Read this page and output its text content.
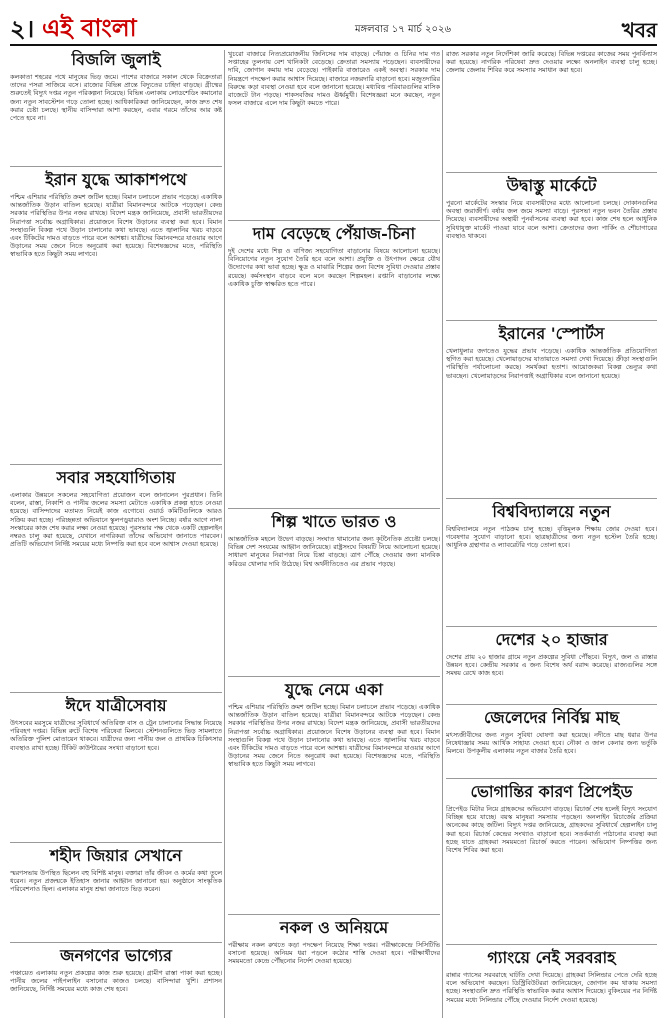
২। এই বাংলা	মঙ্গলবার ১৭ মার্চ ২০২৬	খবর
বিজলি জুলাই
কলকাতা শহরের পথে মানুষের ভিড় জমে। পাশের বাজারে সকাল থেকে বিক্রেতারা তাদের পসরা সাজিয়ে বসে। রাজ্যের বিভিন্ন প্রান্তে বিদ্যুতের চাহিদা বাড়ছে। গ্রীষ্মের শুরুতেই বিদ্যুৎ দপ্তর নতুন পরিকল্পনা নিয়েছে। বিভিন্ন এলাকায় লোডশেডিং কমানোর জন্য নতুন সাবস্টেশন গড়ে তোলা হচ্ছে। আধিকারিকরা জানিয়েছেন, কাজ দ্রুত শেষ করার চেষ্টা চলছে। স্থানীয় বাসিন্দারা আশা করছেন, এবার গরমে তাঁদের আর কষ্ট পেতে হবে না।
ইরান যুদ্ধে আকাশপথে
পশ্চিম এশিয়ার পরিস্থিতি ক্রমশ জটিল হচ্ছে। বিমান চলাচলে প্রভাব পড়েছে। একাধিক আন্তর্জাতিক উড়ান বাতিল হয়েছে। যাত্রীরা বিমানবন্দরে আটকে পড়েছেন। কেন্দ্র সরকার পরিস্থিতির উপর নজর রাখছে। বিদেশ মন্ত্রক জানিয়েছে, প্রবাসী ভারতীয়দের নিরাপত্তা সর্বোচ্চ অগ্রাধিকার। প্রয়োজনে বিশেষ উড়ানের ব্যবস্থা করা হবে। বিমান সংস্থাগুলি বিকল্প পথে উড়ান চালানোর কথা ভাবছে। এতে জ্বালানির খরচ বাড়বে এবং টিকিটের দামও বাড়তে পারে বলে আশঙ্কা। যাত্রীদের বিমানবন্দরে যাওয়ার আগে উড়ানের সময় জেনে নিতে অনুরোধ করা হয়েছে। বিশেষজ্ঞদের মতে, পরিস্থিতি স্বাভাবিক হতে কিছুটা সময় লাগবে।
সবার সহযোগিতায়
এলাকার উন্নয়নে সকলের সহযোগিতা প্রয়োজন বলে জানালেন পুরপ্রধান। তিনি বলেন, রাস্তা, নিকাশি ও পানীয় জলের সমস্যা মেটাতে একাধিক প্রকল্প হাতে নেওয়া হয়েছে। বাসিন্দাদের মতামত নিয়েই কাজ এগোবে। ওয়ার্ড কমিটিগুলিকে আরও সক্রিয় করা হচ্ছে। পরিচ্ছন্নতা অভিযানে স্কুলপড়ুয়ারাও অংশ নিচ্ছে। বর্ষার আগে নালা সংস্কারের কাজ শেষ করার লক্ষ্য নেওয়া হয়েছে। পুরসভার পক্ষ থেকে একটি হেল্পলাইন নম্বরও চালু করা হয়েছে, যেখানে নাগরিকরা তাঁদের অভিযোগ জানাতে পারবেন। প্রতিটি অভিযোগ নির্দিষ্ট সময়ের মধ্যে নিষ্পত্তি করা হবে বলে আশ্বাস দেওয়া হয়েছে।
ঈদে যাত্রীসেবায়
উৎসবের মরসুমে যাত্রীদের সুবিধার্থে অতিরিক্ত বাস ও ট্রেন চালানোর সিদ্ধান্ত নিয়েছে পরিবহণ দপ্তর। বিভিন্ন রুটে বিশেষ পরিষেবা মিলবে। স্টেশনগুলিতে ভিড় সামলাতে অতিরিক্ত পুলিশ মোতায়েন থাকবে। যাত্রীদের জন্য পানীয় জল ও প্রাথমিক চিকিৎসার ব্যবস্থাও রাখা হচ্ছে। টিকিট কাউন্টারের সংখ্যা বাড়ানো হবে।
শহীদ জিয়ার সেখানে
স্মরণসভায় উপস্থিত ছিলেন বহু বিশিষ্ট মানুষ। বক্তারা তাঁর জীবন ও কর্মের কথা তুলে ধরেন। নতুন প্রজন্মকে ইতিহাস জানার আহ্বান জানানো হয়। অনুষ্ঠানে সাংস্কৃতিক পরিবেশনাও ছিল। এলাকার মানুষ শ্রদ্ধা জানাতে ভিড় করেন।
জনগণের ভাগ্যের
পঞ্চায়েত এলাকায় নতুন প্রকল্পের কাজ শুরু হয়েছে। গ্রামীণ রাস্তা পাকা করা হচ্ছে। পানীয় জলের পাইপলাইন বসানোর কাজও চলছে। বাসিন্দারা খুশি। প্রশাসন জানিয়েছে, নির্দিষ্ট সময়ের মধ্যে কাজ শেষ হবে।
খুচরো বাজারে নিত্যপ্রয়োজনীয় জিনিসের দাম বাড়ছে। পেঁয়াজ ও চিনির দাম গত সপ্তাহের তুলনায় বেশ খানিকটা বেড়েছে। ক্রেতারা সমস্যায় পড়েছেন। ব্যবসায়ীদের দাবি, জোগান কমায় দাম বেড়েছে। পাইকারি বাজারেও একই অবস্থা। সরকার দাম নিয়ন্ত্রণে পদক্ষেপ করার আশ্বাস দিয়েছে। বাজারে নজরদারি বাড়ানো হবে। মজুতদারির বিরুদ্ধে কড়া ব্যবস্থা নেওয়া হবে বলে জানানো হয়েছে। মধ্যবিত্ত পরিবারগুলির মাসিক বাজেটে টান পড়ছে। শাকসবজির দামও ঊর্ধ্বমুখী। বিশেষজ্ঞরা মনে করছেন, নতুন ফসল বাজারে এলে দাম কিছুটা কমতে পারে।
দাম বেড়েছে পেঁয়াজ-চিনা
দুই দেশের মধ্যে শিল্প ও বাণিজ্য সহযোগিতা বাড়ানোর বিষয়ে আলোচনা হয়েছে। বিনিয়োগের নতুন সুযোগ তৈরি হবে বলে আশা। প্রযুক্তি ও উৎপাদন ক্ষেত্রে যৌথ উদ্যোগের কথা ভাবা হচ্ছে। ক্ষুদ্র ও মাঝারি শিল্পের জন্য বিশেষ সুবিধা দেওয়ার প্রস্তাব রয়েছে। কর্মসংস্থান বাড়বে বলে মনে করছেন শিল্পমহল। রপ্তানি বাড়ানোর লক্ষ্যে একাধিক চুক্তি স্বাক্ষরিত হতে পারে।
শিল্প খাতে ভারত ও
আন্তর্জাতিক মহলে উদ্বেগ বাড়ছে। সংঘাত থামানোর জন্য কূটনৈতিক প্রচেষ্টা চলছে। বিভিন্ন দেশ সংযমের আহ্বান জানিয়েছে। রাষ্ট্রসংঘে বিষয়টি নিয়ে আলোচনা হয়েছে। সাধারণ মানুষের নিরাপত্তা নিয়ে চিন্তা বাড়ছে। ত্রাণ পৌঁছে দেওয়ার জন্য মানবিক করিডর খোলার দাবি উঠেছে। বিশ্ব অর্থনীতিতেও এর প্রভাব পড়ছে।
যুদ্ধে নেমে একা
পশ্চিম এশিয়ার পরিস্থিতি ক্রমশ জটিল হচ্ছে। বিমান চলাচলে প্রভাব পড়েছে। একাধিক আন্তর্জাতিক উড়ান বাতিল হয়েছে। যাত্রীরা বিমানবন্দরে আটকে পড়েছেন। কেন্দ্র সরকার পরিস্থিতির উপর নজর রাখছে। বিদেশ মন্ত্রক জানিয়েছে, প্রবাসী ভারতীয়দের নিরাপত্তা সর্বোচ্চ অগ্রাধিকার। প্রয়োজনে বিশেষ উড়ানের ব্যবস্থা করা হবে। বিমান সংস্থাগুলি বিকল্প পথে উড়ান চালানোর কথা ভাবছে। এতে জ্বালানির খরচ বাড়বে এবং টিকিটের দামও বাড়তে পারে বলে আশঙ্কা। যাত্রীদের বিমানবন্দরে যাওয়ার আগে উড়ানের সময় জেনে নিতে অনুরোধ করা হয়েছে। বিশেষজ্ঞদের মতে, পরিস্থিতি স্বাভাবিক হতে কিছুটা সময় লাগবে।
নকল ও অনিয়মে
পরীক্ষায় নকল রুখতে কড়া পদক্ষেপ নিয়েছে শিক্ষা দপ্তর। পরীক্ষাকেন্দ্রে সিসিটিভি বসানো হয়েছে। অনিয়ম ধরা পড়লে কঠোর শাস্তি দেওয়া হবে। পরীক্ষার্থীদের সময়মতো কেন্দ্রে পৌঁছনোর নির্দেশ দেওয়া হয়েছে।
রাজ্য সরকার নতুন নির্দেশিকা জারি করেছে। বিভিন্ন দপ্তরের কাজের সময় পুনর্বিন্যাস করা হয়েছে। নাগরিক পরিষেবা দ্রুত দেওয়ার লক্ষ্যে অনলাইন ব্যবস্থা চালু হচ্ছে। জেলায় জেলায় শিবির করে সমস্যার সমাধান করা হবে।
উদ্বাস্তু মার্কেটে
পুরনো মার্কেটের সংস্কার নিয়ে ব্যবসায়ীদের মধ্যে আলোচনা চলছে। দোকানগুলির অবস্থা জরাজীর্ণ। বর্ষায় জল জমে সমস্যা বাড়ে। পুরসভা নতুন ভবন তৈরির প্রস্তাব দিয়েছে। ব্যবসায়ীদের অস্থায়ী পুনর্বাসনের ব্যবস্থা করা হবে। কাজ শেষ হলে আধুনিক সুবিধাযুক্ত মার্কেট পাওয়া যাবে বলে আশা। ক্রেতাদের জন্য পার্কিং ও শৌচাগারের ব্যবস্থাও থাকবে।
ইরানের 'স্পোর্টস
খেলাধুলার জগতেও যুদ্ধের প্রভাব পড়েছে। একাধিক আন্তর্জাতিক প্রতিযোগিতা স্থগিত করা হয়েছে। খেলোয়াড়দের যাতায়াতে সমস্যা দেখা দিয়েছে। ক্রীড়া সংস্থাগুলি পরিস্থিতি পর্যালোচনা করছে। সমর্থকরা হতাশ। আয়োজকরা বিকল্প ভেন্যুর কথা ভাবছেন। খেলোয়াড়দের নিরাপত্তাই অগ্রাধিকার বলে জানানো হয়েছে।
বিশ্ববিদ্যালয়ে নতুন
বিশ্ববিদ্যালয়ে নতুন পাঠক্রম চালু হচ্ছে। বৃত্তিমূলক শিক্ষায় জোর দেওয়া হবে। গবেষণার সুযোগ বাড়ানো হবে। ছাত্রছাত্রীদের জন্য নতুন হস্টেল তৈরি হচ্ছে। আধুনিক গ্রন্থাগার ও ল্যাবরেটরি গড়ে তোলা হবে।
দেশের ২০ হাজার
দেশের প্রায় ২০ হাজার গ্রামে নতুন প্রকল্পের সুবিধা পৌঁছবে। বিদ্যুৎ, জল ও রাস্তার উন্নয়ন হবে। কেন্দ্রীয় সরকার এ জন্য বিশেষ অর্থ বরাদ্দ করেছে। রাজ্যগুলির সঙ্গে সমন্বয় রেখে কাজ হবে।
জেলেদের নির্বিঘ্ন মাছ
মৎস্যজীবীদের জন্য নতুন সুবিধা ঘোষণা করা হয়েছে। নদীতে মাছ ধরার উপর নিষেধাজ্ঞার সময় আর্থিক সাহায্য দেওয়া হবে। নৌকা ও জাল কেনার জন্য ভর্তুকি মিলবে। উপকূলীয় এলাকায় নতুন বাজার তৈরি হবে।
ভোগান্তির কারণ প্রিপেইড
প্রিপেইড মিটার নিয়ে গ্রাহকদের অভিযোগ বাড়ছে। রিচার্জ শেষ হলেই বিদ্যুৎ সংযোগ বিচ্ছিন্ন হয়ে যাচ্ছে। বয়স্ক মানুষরা সমস্যায় পড়ছেন। অনলাইন রিচার্জের প্রক্রিয়া অনেকের কাছে জটিল। বিদ্যুৎ দপ্তর জানিয়েছে, গ্রাহকদের সুবিধার্থে হেল্পলাইন চালু করা হবে। রিচার্জ কেন্দ্রের সংখ্যাও বাড়ানো হবে। সতর্কবার্তা পাঠানোর ব্যবস্থা করা হচ্ছে যাতে গ্রাহকরা সময়মতো রিচার্জ করতে পারেন। অভিযোগ নিষ্পত্তির জন্য বিশেষ শিবির করা হবে।
গ্যাংয়ে নেই সরবরাহ
রান্নার গ্যাসের সরবরাহে ঘাটতি দেখা দিয়েছে। গ্রাহকরা সিলিন্ডার পেতে দেরি হচ্ছে বলে অভিযোগ করছেন। ডিস্ট্রিবিউটররা জানিয়েছেন, জোগান কম থাকায় সমস্যা হচ্ছে। সংস্থাগুলি দ্রুত পরিস্থিতি স্বাভাবিক করার আশ্বাস দিয়েছে। বুকিংয়ের পর নির্দিষ্ট সময়ের মধ্যে সিলিন্ডার পৌঁছে দেওয়ার নির্দেশ দেওয়া হয়েছে।
